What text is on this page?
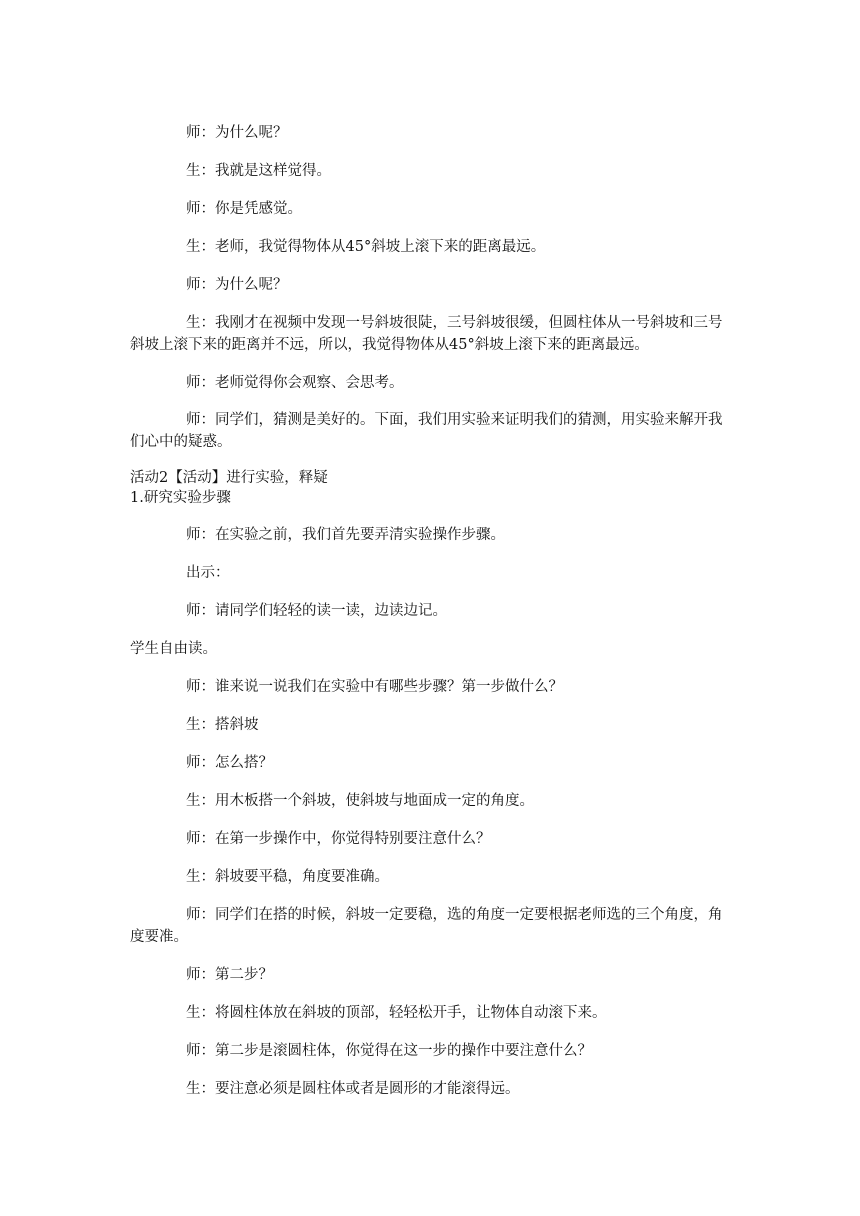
师：为什么呢？

生：我就是这样觉得。

师：你是凭感觉。

生：老师，我觉得物体从45°斜坡上滚下来的距离最远。

师：为什么呢？

生：我刚才在视频中发现一号斜坡很陡，三号斜坡很缓，但圆柱体从一号斜坡和三号斜坡上滚下来的距离并不远，所以，我觉得物体从45°斜坡上滚下来的距离最远。

师：老师觉得你会观察、会思考。

师：同学们，猜测是美好的。下面，我们用实验来证明我们的猜测，用实验来解开我们心中的疑惑。

活动2【活动】进行实验，释疑

1.研究实验步骤

师：在实验之前，我们首先要弄清实验操作步骤。

出示：

师：请同学们轻轻的读一读，边读边记。

学生自由读。

师：谁来说一说我们在实验中有哪些步骤？第一步做什么？

生：搭斜坡

师：怎么搭？

生：用木板搭一个斜坡，使斜坡与地面成一定的角度。

师：在第一步操作中，你觉得特别要注意什么？

生：斜坡要平稳，角度要准确。

师：同学们在搭的时候，斜坡一定要稳，选的角度一定要根据老师选的三个角度，角度要准。

师：第二步？

生：将圆柱体放在斜坡的顶部，轻轻松开手，让物体自动滚下来。

师：第二步是滚圆柱体，你觉得在这一步的操作中要注意什么？

生：要注意必须是圆柱体或者是圆形的才能滚得远。
